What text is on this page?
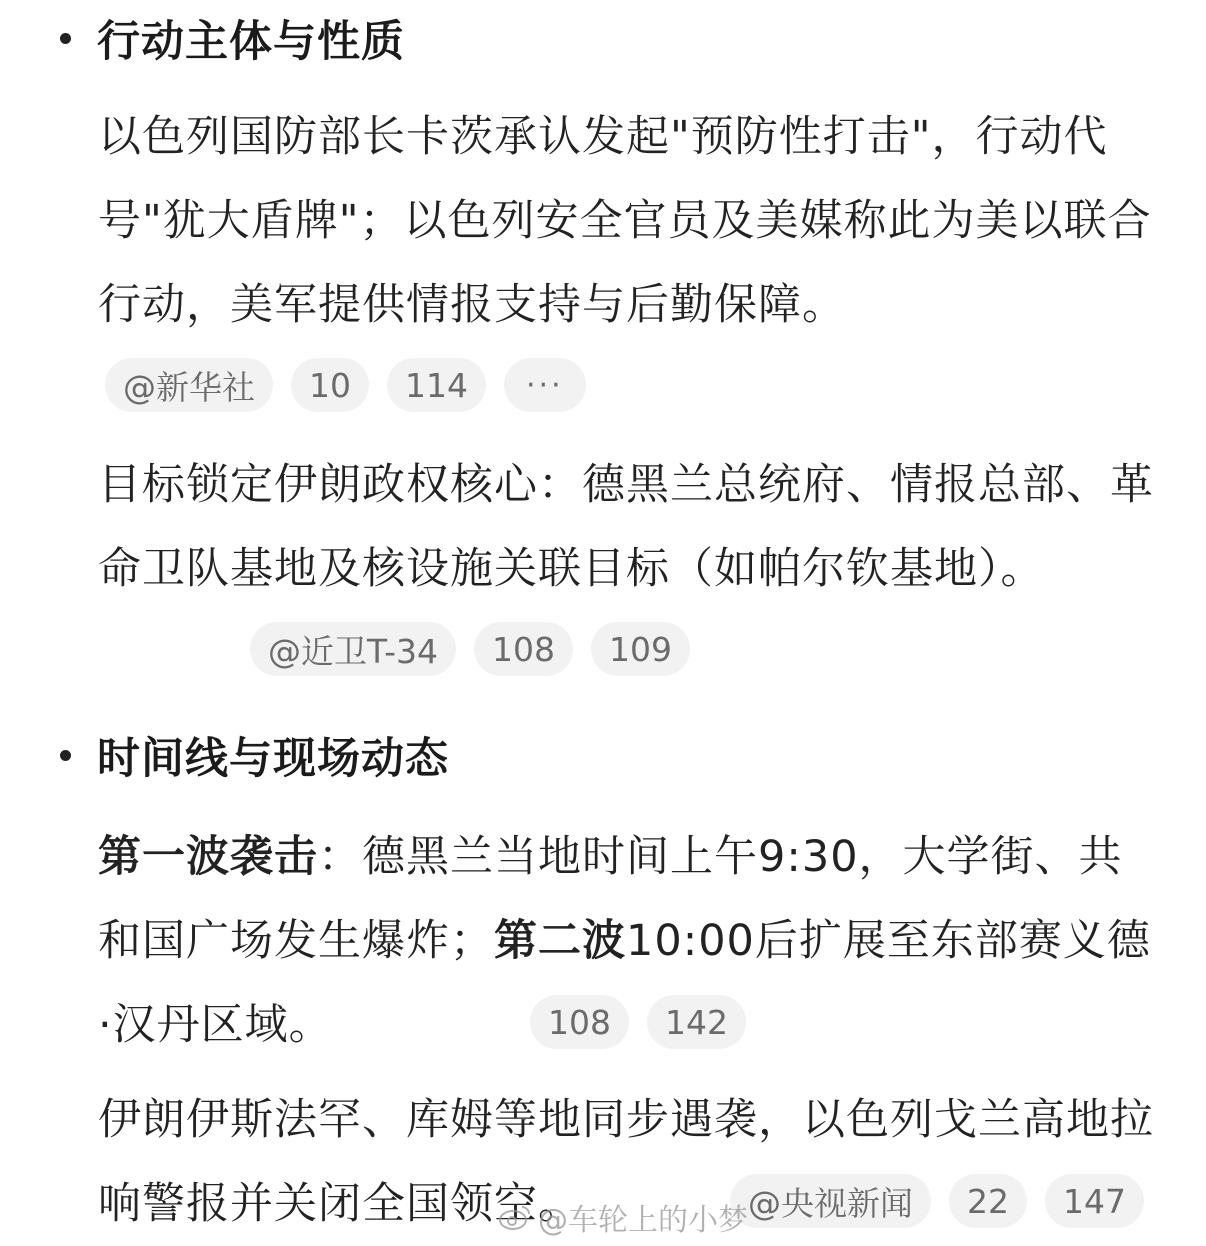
行动主体与性质
以色列国防部长卡茨承认发起"预防性打击"，行动代号"犹大盾牌"；以色列安全官员及美媒称此为美以联合行动，美军提供情报支持与后勤保障。
@新华社	10	114	···
目标锁定伊朗政权核心：德黑兰总统府、情报总部、革命卫队基地及核设施关联目标（如帕尔钦基地）。
@近卫T-34	108	109
时间线与现场动态
第一波袭击：德黑兰当地时间上午9:30，大学街、共和国广场发生爆炸；第二波10:00后扩展至东部赛义德·汉丹区域。	108	142
伊朗伊斯法罕、库姆等地同步遇袭，以色列戈兰高地拉响警报并关闭全国领空。	@央视新闻	22	147
@车轮上的小梦
